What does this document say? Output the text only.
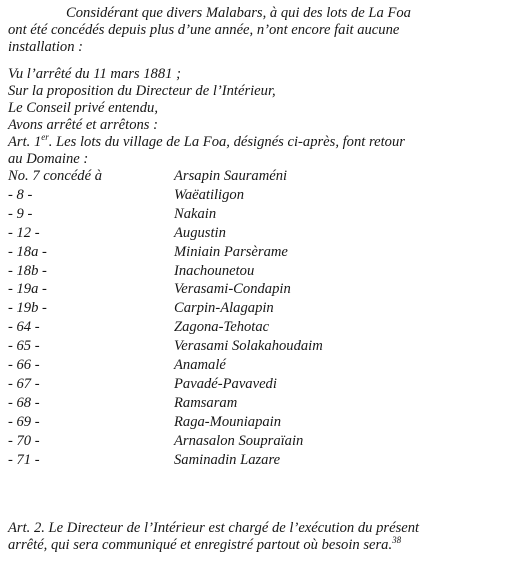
Considérant que divers Malabars, à qui des lots de La Foa
ont été concédés depuis plus d’une année, n’ont encore fait aucune
installation :
Vu l’arrêté du 11 mars 1881 ;
Sur la proposition du Directeur de l’Intérieur,
Le Conseil privé entendu,
Avons arrêté et arrêtons :
Art. 1er. Les lots du village de La Foa, désignés ci-après, font retour
au Domaine :
No. 7 concédé à	Arsapin Sauraméni
- 8 -	Waëatiligon
- 9 -	Nakain
- 12 -	Augustin
- 18a -	Miniain Parsèrame
- 18b -	Inachounetou
- 19a -	Verasami-Condapin
- 19b -	Carpin-Alagapin
- 64 -	Zagona-Tehotac
- 65 -	Verasami Solakahoudaim
- 66 -	Anamalé
- 67 -	Pavadé-Pavavedi
- 68 -	Ramsaram
- 69 -	Raga-Mouniapain
- 70 -	Arnasalon Soupraïain
- 71 -	Saminadin Lazare
Art. 2. Le Directeur de l’Intérieur est chargé de l’exécution du présent
arrêté, qui sera communiqué et enregistré partout où besoin sera.$^{38}$
